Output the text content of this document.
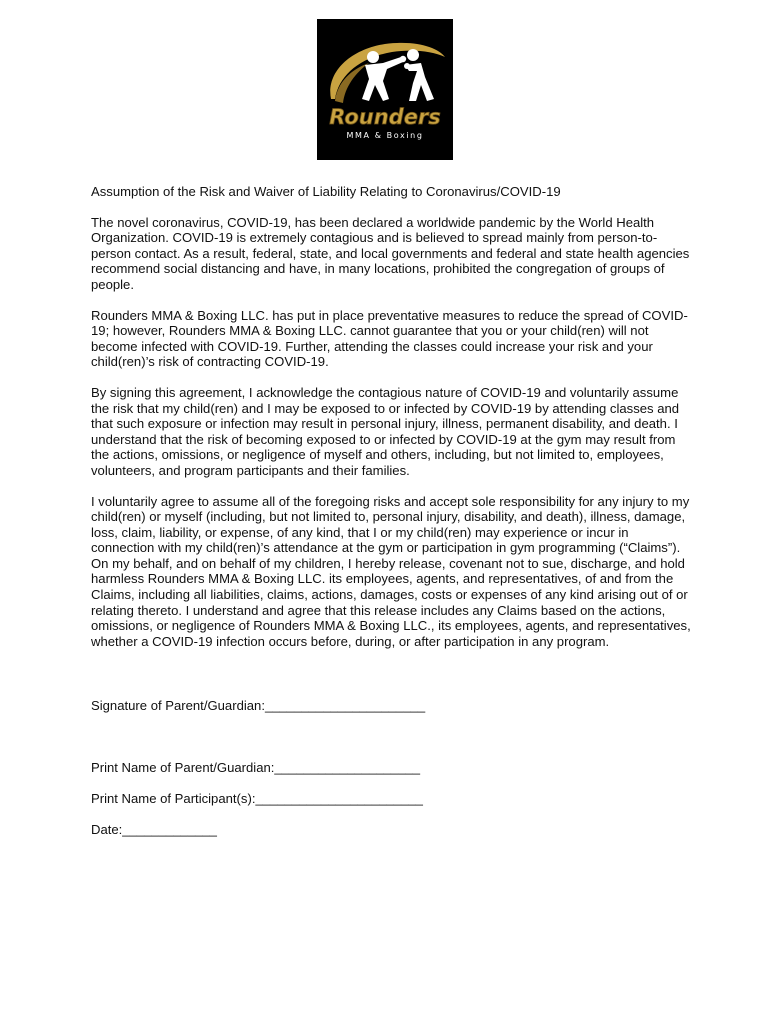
Rounders
MMA & Boxing

Assumption of the Risk and Waiver of Liability Relating to Coronavirus/COVID-19

The novel coronavirus, COVID-19, has been declared a worldwide pandemic by the World Health Organization. COVID-19 is extremely contagious and is believed to spread mainly from person-to-person contact. As a result, federal, state, and local governments and federal and state health agencies recommend social distancing and have, in many locations, prohibited the congregation of groups of people.

Rounders MMA & Boxing LLC. has put in place preventative measures to reduce the spread of COVID-19; however, Rounders MMA & Boxing LLC. cannot guarantee that you or your child(ren) will not become infected with COVID-19. Further, attending the classes could increase your risk and your child(ren)’s risk of contracting COVID-19.

By signing this agreement, I acknowledge the contagious nature of COVID-19 and voluntarily assume the risk that my child(ren) and I may be exposed to or infected by COVID-19 by attending classes and that such exposure or infection may result in personal injury, illness, permanent disability, and death. I understand that the risk of becoming exposed to or infected by COVID-19 at the gym may result from the actions, omissions, or negligence of myself and others, including, but not limited to, employees, volunteers, and program participants and their families.

I voluntarily agree to assume all of the foregoing risks and accept sole responsibility for any injury to my child(ren) or myself (including, but not limited to, personal injury, disability, and death), illness, damage, loss, claim, liability, or expense, of any kind, that I or my child(ren) may experience or incur in connection with my child(ren)’s attendance at the gym or participation in gym programming (“Claims”). On my behalf, and on behalf of my children, I hereby release, covenant not to sue, discharge, and hold harmless Rounders MMA & Boxing LLC. its employees, agents, and representatives, of and from the Claims, including all liabilities, claims, actions, damages, costs or expenses of any kind arising out of or relating thereto. I understand and agree that this release includes any Claims based on the actions, omissions, or negligence of Rounders MMA & Boxing LLC., its employees, agents, and representatives, whether a COVID-19 infection occurs before, during, or after participation in any program.

Signature of Parent/Guardian:______________________
Print Name of Parent/Guardian:____________________
Print Name of Participant(s):_______________________
Date:_____________
